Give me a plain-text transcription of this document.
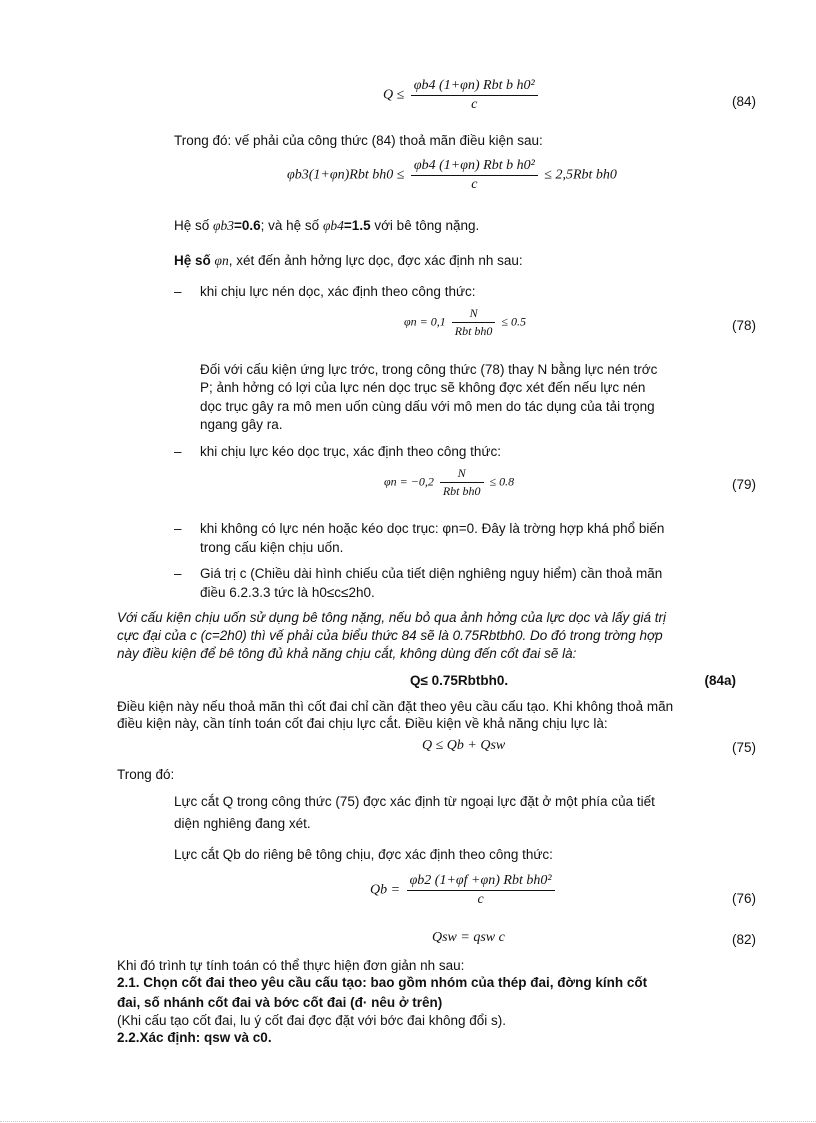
$Q \le \frac{\text{φb4 (1+φn) Rbt b h0²}}{c}$	(84)
Trong đó: vế phải của công thức (84) thoả mãn điều kiện sau:
φb3(1+φn)Rbt $bh0 \le \frac{\text{φb4 (1+φn) Rbt b h0²}}{c} \le 2,5Rbt$ bh0
Hệ số φb3=0.6; và hệ số φb4=1.5 với bê tông nặng.
Hệ số φn, xét đến ảnh hởng lực dọc, đợc xác định nh sau:
– khi chịu lực nén dọc, xác định theo công thức:
$\varphi n = 0,1 \frac{N}{\text{Rbt bh0}} \le 0.5$	(78)
Đối với cấu kiện ứng lực trớc, trong công thức (78) thay N bằng lực nén trớc
P; ảnh hởng có lợi của lực nén dọc trục sẽ không đợc xét đến nếu lực nén
dọc trục gây ra mô men uốn cùng dấu với mô men do tác dụng của tải trọng
ngang gây ra.
– khi chịu lực kéo dọc trục, xác định theo công thức:
$\varphi n = -0,2 \frac{N}{\text{Rbt bh0}} \le 0.8$	(79)
– khi không có lực nén hoặc kéo dọc trục: φn=0. Đây là trờng hợp khá phổ biến
trong cấu kiện chịu uốn.
– Giá trị c (Chiều dài hình chiếu của tiết diện nghiêng nguy hiểm) cần thoả mãn
điều 6.2.3.3 tức là h0≤c≤2h0.
Với cấu kiện chịu uốn sử dụng bê tông nặng, nếu bỏ qua ảnh hởng của lực dọc và lấy giá trị
cực đại của c (c=2h0) thì vế phải của biểu thức 84 sẽ là 0.75Rbtbh0. Do đó trong trờng hợp
này điều kiện để bê tông đủ khả năng chịu cắt, không dùng đến cốt đai sẽ là:
Q≤ 0.75Rbtbh0.	(84a)
Điều kiện này nếu thoả mãn thì cốt đai chỉ cần đặt theo yêu cầu cấu tạo. Khi không thoả mãn
điều kiện này, cần tính toán cốt đai chịu lực cắt. Điều kiện về khả năng chịu lực là:
Q ≤ Qb + Qsw	(75)
Trong đó:
Lực cắt Q trong công thức (75) đợc xác định từ ngoại lực đặt ở một phía của tiết
diện nghiêng đang xét.
Lực cắt Qb do riêng bê tông chịu, đợc xác định theo công thức:
$Qb = \frac{\text{φb2 (1+φf +φn) Rbt bh0²}}{c}$	(76)
Qsw = qsw c	(82)
Khi đó trình tự tính toán có thể thực hiện đơn giản nh sau:
2.1. Chọn cốt đai theo yêu cầu cấu tạo: bao gồm nhóm của thép đai, đờng kính cốt
đai, số nhánh cốt đai và bớc cốt đai (đ· nêu ở trên)
(Khi cấu tạo cốt đai, lu ý cốt đai đợc đặt với bớc đai không đổi s).
2.2.Xác định: qsw và c0.
